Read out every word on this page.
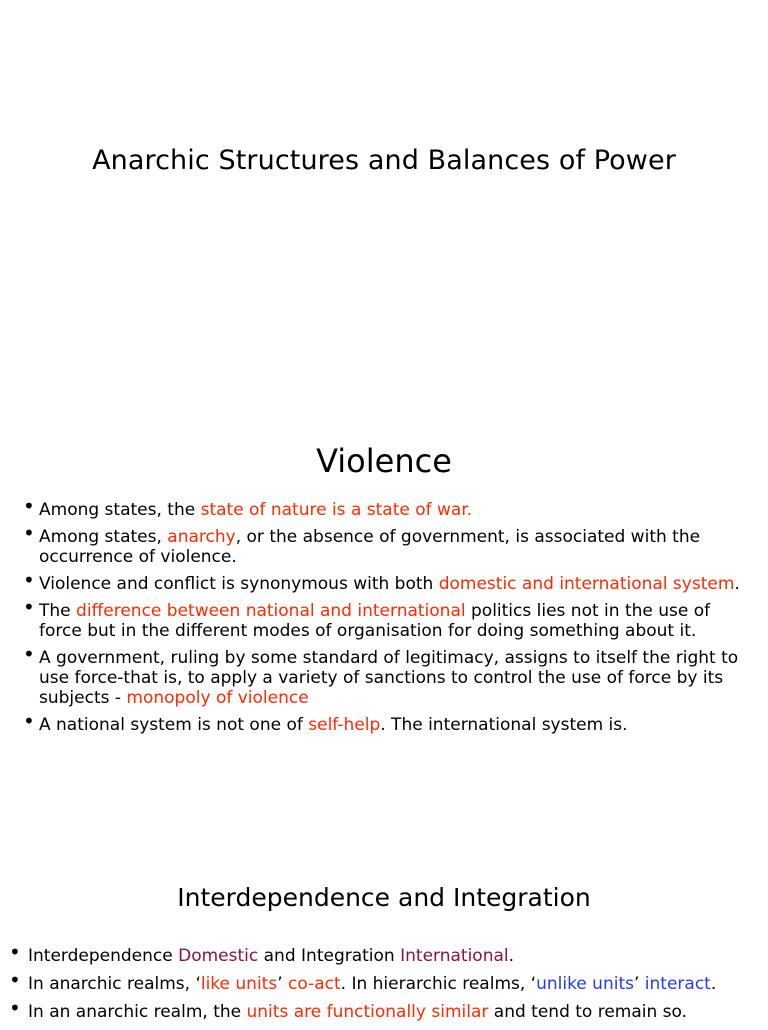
Anarchic Structures and Balances of Power
Violence
• Among states, the state of nature is a state of war.
• Among states, anarchy, or the absence of government, is associated with the occurrence of violence.
• Violence and conflict is synonymous with both domestic and international system.
• The difference between national and international politics lies not in the use of force but in the different modes of organisation for doing something about it.
• A government, ruling by some standard of legitimacy, assigns to itself the right to use force-that is, to apply a variety of sanctions to control the use of force by its subjects - monopoly of violence
• A national system is not one of self-help. The international system is.
Interdependence and Integration
• Interdependence Domestic and Integration International.
• In anarchic realms, ‘like units’ co-act. In hierarchic realms, ‘unlike units’ interact.
• In an anarchic realm, the units are functionally similar and tend to remain so.
